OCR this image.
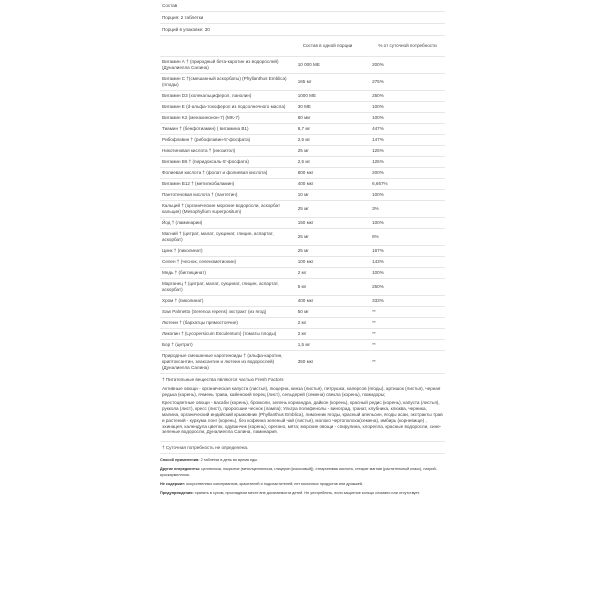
Состав		
Порция: 2 таблетки		
Порций в упаковке: 30		
	Состав в одной порции	% от суточной потребности
Витамин А † (природный бета-каротин из водорослей) (Дуналиелла Салина)	10 000 МЕ	200%
Витамин С †(смешанный аскорбаты) (Phyllanthus Emblica) (плоды)	165 мг	275%
Витамин D3 (холекальциферол, ланолин)	1000 МЕ	250%
Витамин Е (d-альфа-токоферол из подсолнечного масла)	30 МЕ	100%
Витамин K2 (менахинонон-7) (MK-7)	80 мкг	100%
Тиамин † (бенфотиамин) ( витамина B1)	6,7 мг	447%
Рибофлавин † (рибофлавин-5'-фосфата)	2,5 мг	147%
Никотиновая кислота † (инозитол)	25 мг	125%
Витамин B6 † (пиридоксаль-5'-фосфата)	2,5 мг	125%
Фолиевая кислота † (фолат и фолиевая кислота)	800 мкг	200%
Витамин B12 † (метилкобаламин)	400 мкг	6,667%
Пантотеновая кислота † (пантетин)	10 мг	100%
Кальций † (органические морские водоросли, аскорбат кальция) (Mesophyllum superpositum)	25 мг	3%
Йод † (ламинарии)	150 мкг	100%
Магний † (цитрат, малат, сукцинат, глицин, аспартат, аскорбат)	25 мг	6%
Цинк † (пиколинат)	25 мг	167%
Селен † (чеснок, селенометионин)	100 мкг	143%
Медь † (биглицинат)	2 мг	100%
Марганец † (цитрат, малат, сукцинат, глицин, аспартат, аскорбат)	5 мг	250%
Хром † (пиколинат)	400 мкг	333%
Saw Palmetto (Serenoa repens) экстракт (из ягод)	50 мг	**
Лютеин † (бархатцы прямостоячие)	2 мг	**
Ликопин † (Lycopersicum Esculentum) (томаты плоды)	2 мг	**
Бор † (цитрат)	1,5 мг	**
Природные смешанные каротиноиды † (альфа-каротин, криптоксантин, зеаксантин и лютеин из водорослей) (Дуналиелла Салина)	350 мкг	**

† Питательные вещества являются частью Fresh Factors

Активные овощи - органическая капуста (листья), люцерна, кинза (листья), петрушка, каперсов (ягоды), артишок (листья), черная редька (корень), ячмень трава, кайенский перец (лист), сельдерей (семена) свекла (корень), помидоры;

Крестоцветные овощи - васаби (корень), брокколи, зелень кориандра, дайкон (корень), красный редис (корень), капуста (листья), руккола (лист), кресс (лист), проросшие чеснок (лампа); Ультра полифенолы - виноград, гранат, клубника, клюква, черника, малина, органический индийский крыжовник (Phyllanthus Emblica), лимонник ягоды, красный апельсин, ягоды асаи, экстракты трав и растений - куркума лонг (корень), без кофеина зеленый чай (листья), молоко чертополоха(семена), имбирь (корневище) , эхинацея, календула цветок, одуванчик (корень), орегано, мята; морские овощи - спирулина, хлорелла, красные водоросли, сине-зеленые водоросли, Дуналиелла Салина, ламинария.

† Суточная потребность не определена.

Способ применения: 2 таблетки в день во время еды.

Другие ингредиенты: целлюлоза, покрытие (метилцеллюлоза, глицерин [кокосовый]), стеариновая кислота, стеарат магния (растительный класс), натрий-кроскармеллоза.

Не содержит: искусственных консервантов, красителей и подсластителей; нет молочных продуктов или дрожжей.

Предупреждения: хранить в сухом, прохладном месте вне досягаемости детей. Не употреблять, если защитное кольцо сломано или отсутствует.
